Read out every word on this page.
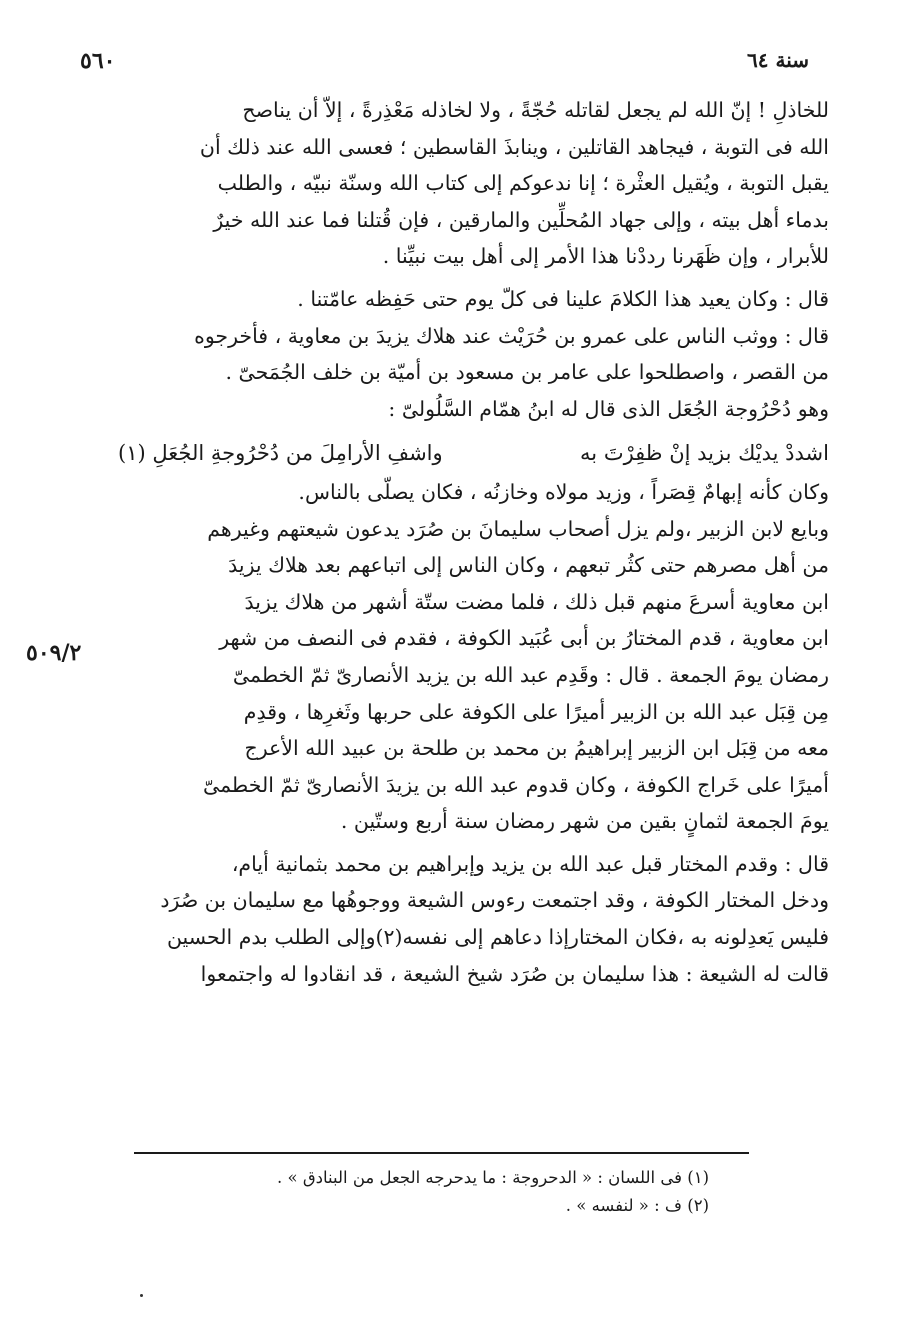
٥٦٠	سنة ٦٤

للخاذلِ ! إنّ الله لم يجعل لقاتله حُجّةً ، ولا لخاذله مَعْذِرةً ، إلاّ أن يناصح

الله فى التوبة ، فيجاهد القاتلين ، وينابذَ القاسطين ؛ فعسى الله عند ذلك أن

يقبل التوبة ، ويُقيل العثْرة ؛ إنا ندعوكم إلى كتاب الله وسنّة نبيّه ، والطلب

بدماء أهل بيته ، وإلى جهاد المُحلِّين والمارقين ، فإن قُتلنا فما عند الله خيرٌ

للأبرار ، وإن ظَهَرنا رددْنا هذا الأمر إلى أهل بيت نبيِّنا .

قال : وكان يعيد هذا الكلامَ علينا فى كلّ يوم حتى حَفِظه عامّتنا .

قال : ووثب الناس على عمرو بن حُرَيْث عند هلاك يزيدَ بن معاوية ، فأخرجوه

من القصر ، واصطلحوا على عامر بن مسعود بن أميّة بن خلف الجُمَحىّ .

وهو دُحْرُوجة الجُعَل الذى قال له ابنُ همّام السَّلُولىّ :

اشددْ يديْك بزيد إنْ ظفِرْتَ به
واشفِ الأرامِلَ من دُحْرُوجةِ الجُعَلِ (١)

وكان كأنه إبهامٌ قِصَراً ، وزيد مولاه وخازنُه ، فكان يصلّى بالناس.

وبايع لابن الزبير ،ولم يزل أصحاب سليمانَ بن صُرَد يدعون شيعتهم وغيرهم

من أهل مصرهم حتى كثُر تبعهم ، وكان الناس إلى اتباعهم بعد هلاك يزيدَ

ابن معاوية أسرعَ منهم قبل ذلك ، فلما مضت ستّة أشهر من هلاك يزيدَ

ابن معاوية ، قدم المختارُ بن أبى عُبَيد الكوفة ، فقدم فى النصف من شهر

رمضان يومَ الجمعة . قال : وقَدِم عبد الله بن يزيد الأنصارىّ ثمّ الخطمىّ

مِن قِبَل عبد الله بن الزبير أميرًا على الكوفة على حربها وثَغرِها ، وقدِم

معه من قِبَل ابن الزبير إبراهيمُ بن محمد بن طلحة بن عبيد الله الأعرج

أميرًا على خَراج الكوفة ، وكان قدوم عبد الله بن يزيدَ الأنصارىّ ثمّ الخطمىّ

يومَ الجمعة لثمانٍ بقين من شهر رمضان سنة أربع وستّين .

قال : وقدم المختار قبل عبد الله بن يزيد وإبراهيم بن محمد بثمانية أيام،

ودخل المختار الكوفة ، وقد اجتمعت رءوس الشيعة ووجوهُها مع سليمان بن صُرَد

فليس يَعدِلونه به ،فكان المختارإذا دعاهم إلى نفسه(٢)وإلى الطلب بدم الحسين

قالت له الشيعة : هذا سليمان بن صُرَد شيخ الشيعة ، قد انقادوا له واجتمعوا

٥٠٩/٢

(١) فى اللسان : « الدحروجة : ما يدحرجه الجعل من البنادق » .

(٢) ف : « لنفسه » .
